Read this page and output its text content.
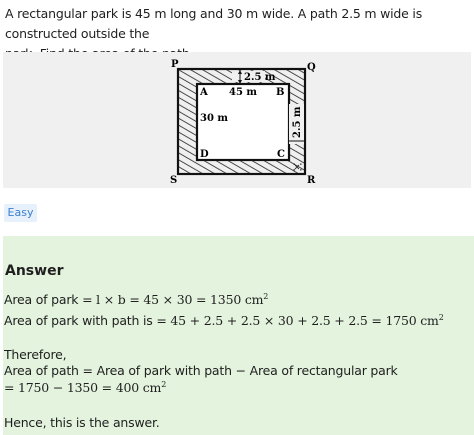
A rectangular park is 45 m long and 30 m wide. A path 2.5 m wide is constructed outside the
2.5 m
2.5 m
P	Q
R
S
A	B
C
D
45 m
30 m
Easy
Answer
Area of park = l × b = 45 × 30 = 1350 $cm^2$
Area of park with path is = 45 + 2.5 + 2.5 × 30 + 2.5 + 2.5 = 1750 $cm^2$
Therefore,
Area of path = Area of park with path − Area of rectangular park
= 1750 − 1350 = 400 $cm^2$
Hence, this is the answer.
